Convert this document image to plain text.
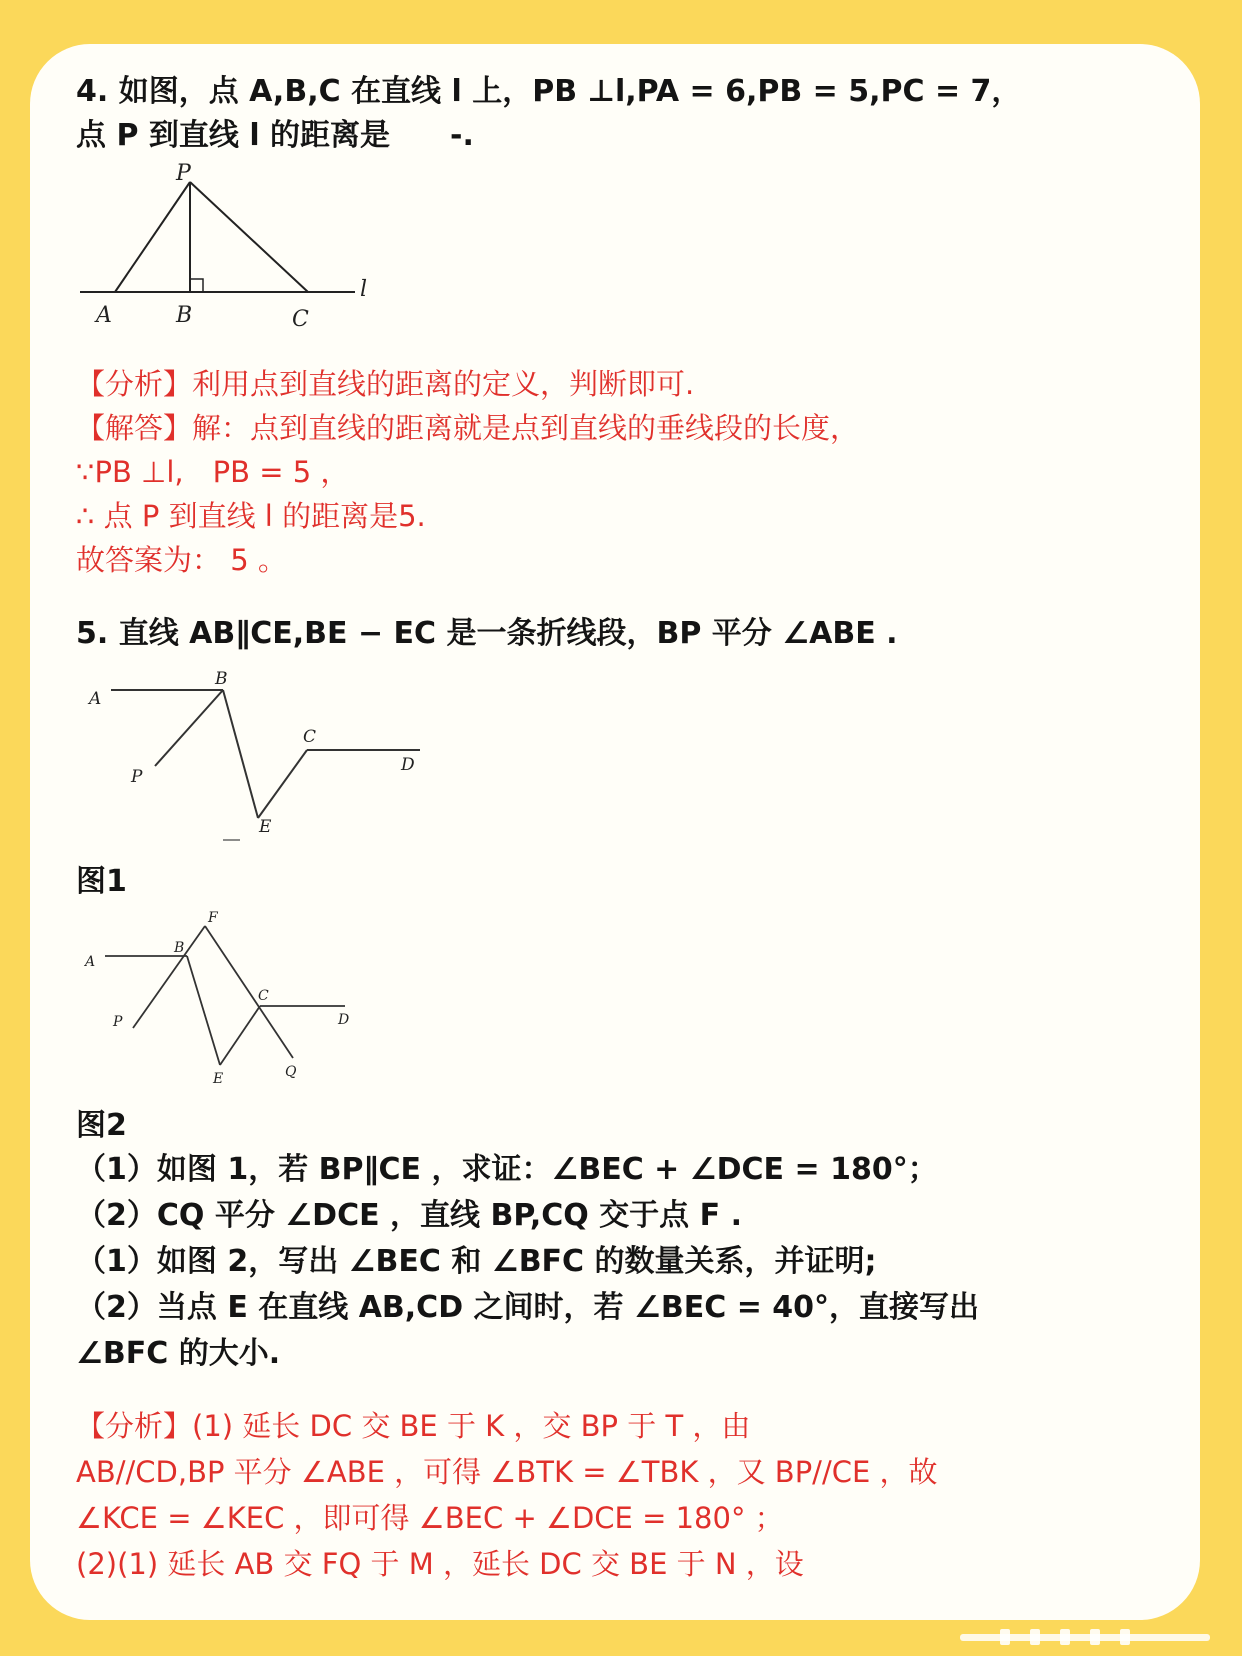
4. 如图，点 A,B,C 在直线 l 上，PB ⊥l,PA = 6,PB = 5,PC = 7，
点 P 到直线 l 的距离是　　-.
P
A	B	C
l
【分析】利用点到直线的距离的定义，判断即可.
【解答】解：点到直线的距离就是点到直线的垂线段的长度，
∵PB ⊥l,　PB = 5 ，
∴ 点 P 到直线 l 的距离是5.
故答案为： 5 。
5. 直线 AB∥CE,BE − EC 是一条折线段，BP 平分 ∠ABE .
A
B
P
C
D
E
图1
A
B
F
P
C
D
E	Q
图2
（1）如图 1，若 BP∥CE ，求证：∠BEC + ∠DCE = 180°；
（2）CQ 平分 ∠DCE ，直线 BP,CQ 交于点 F .
（1）如图 2，写出 ∠BEC 和 ∠BFC 的数量关系，并证明;
（2）当点 E 在直线 AB,CD 之间时，若 ∠BEC = 40°，直接写出
∠BFC 的大小.
【分析】(1) 延长 DC 交 BE 于 K ，交 BP 于 T ，由
AB//CD,BP 平分 ∠ABE ，可得 ∠BTK = ∠TBK ，又 BP//CE ，故
∠KCE = ∠KEC ，即可得 ∠BEC + ∠DCE = 180° ；
(2)(1) 延长 AB 交 FQ 于 M ，延长 DC 交 BE 于 N ，设
